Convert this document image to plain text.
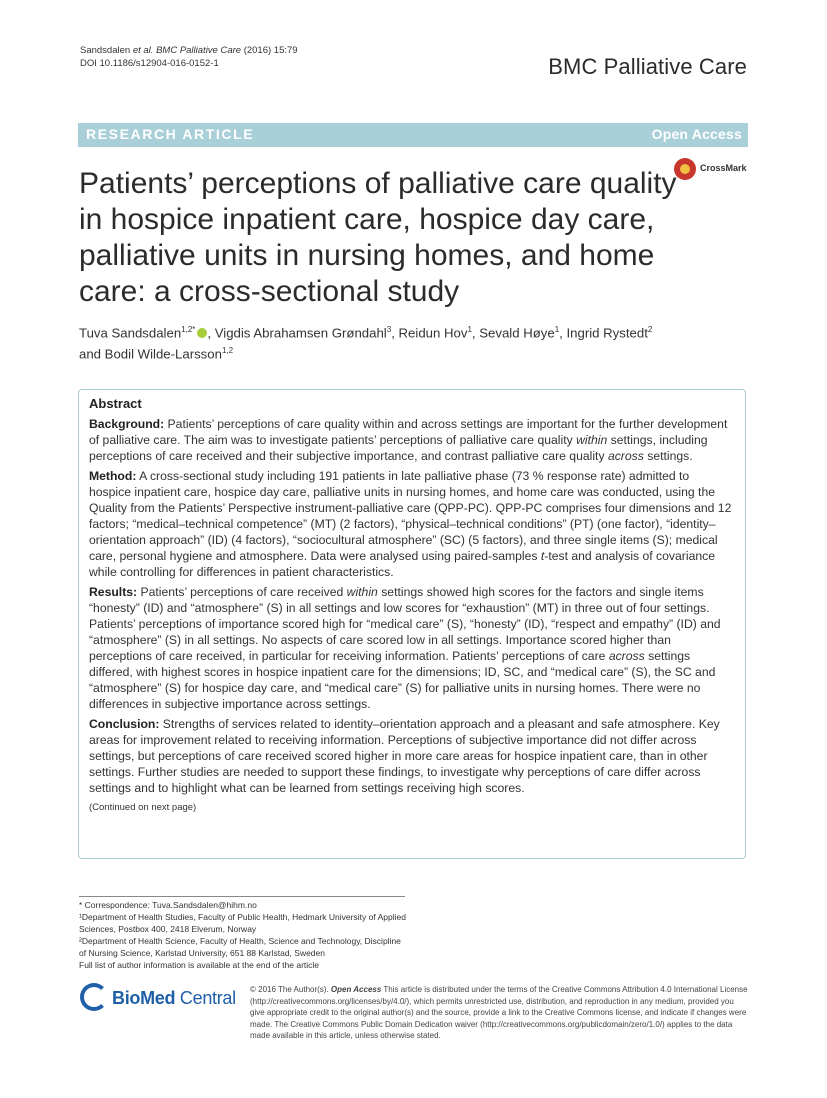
Sandsdalen et al. BMC Palliative Care (2016) 15:79
DOI 10.1186/s12904-016-0152-1	BMC Palliative Care
RESEARCH ARTICLE	Open Access
CrossMark
Patients’ perceptions of palliative care quality in hospice inpatient care, hospice day care, palliative units in nursing homes, and home care: a cross-sectional study
Tuva Sandsdalen$^{1,2*}$ , Vigdis Abrahamsen Grøndahl$^3$, Reidun Hov$^1$, Sevald Høye$^1$, Ingrid Rystedt$^2$
and Bodil Wilde-Larsson$^{1,2}$
Abstract

Background: Patients’ perceptions of care quality within and across settings are important for the further development of palliative care. The aim was to investigate patients’ perceptions of palliative care quality within settings, including perceptions of care received and their subjective importance, and contrast palliative care quality across settings.

Method: A cross-sectional study including 191 patients in late palliative phase (73 % response rate) admitted to hospice inpatient care, hospice day care, palliative units in nursing homes, and home care was conducted, using the Quality from the Patients’ Perspective instrument-palliative care (QPP-PC). QPP-PC comprises four dimensions and 12 factors; “medical–technical competence” (MT) (2 factors), “physical–technical conditions” (PT) (one factor), “identity–orientation approach” (ID) (4 factors), “sociocultural atmosphere” (SC) (5 factors), and three single items (S); medical care, personal hygiene and atmosphere. Data were analysed using paired-samples t-test and analysis of covariance while controlling for differences in patient characteristics.

Results: Patients’ perceptions of care received within settings showed high scores for the factors and single items “honesty” (ID) and “atmosphere” (S) in all settings and low scores for “exhaustion” (MT) in three out of four settings. Patients’ perceptions of importance scored high for “medical care” (S), “honesty” (ID), “respect and empathy” (ID) and “atmosphere” (S) in all settings. No aspects of care scored low in all settings. Importance scored higher than perceptions of care received, in particular for receiving information. Patients’ perceptions of care across settings differed, with highest scores in hospice inpatient care for the dimensions; ID, SC, and “medical care” (S), the SC and “atmosphere” (S) for hospice day care, and “medical care” (S) for palliative units in nursing homes. There were no differences in subjective importance across settings.

Conclusion: Strengths of services related to identity–orientation approach and a pleasant and safe atmosphere. Key areas for improvement related to receiving information. Perceptions of subjective importance did not differ across settings, but perceptions of care received scored higher in more care areas for hospice inpatient care, than in other settings. Further studies are needed to support these findings, to investigate why perceptions of care differ across settings and to highlight what can be learned from settings receiving high scores.

(Continued on next page)

* Correspondence: Tuva.Sandsdalen@hihm.no

¹Department of Health Studies, Faculty of Public Health, Hedmark University of Applied Sciences, Postbox 400, 2418 Elverum, Norway

²Department of Health Science, Faculty of Health, Science and Technology, Discipline of Nursing Science, Karlstad University, 651 88 Karlstad, Sweden

Full list of author information is available at the end of the article

BioMed Central © 2016 The Author(s). Open Access This article is distributed under the terms of the Creative Commons Attribution 4.0 International License (http://creativecommons.org/licenses/by/4.0/), which permits unrestricted use, distribution, and reproduction in any medium, provided you give appropriate credit to the original author(s) and the source, provide a link to the Creative Commons license, and indicate if changes were made. The Creative Commons Public Domain Dedication waiver (http://creativecommons.org/publicdomain/zero/1.0/) applies to the data made available in this article, unless otherwise stated.
